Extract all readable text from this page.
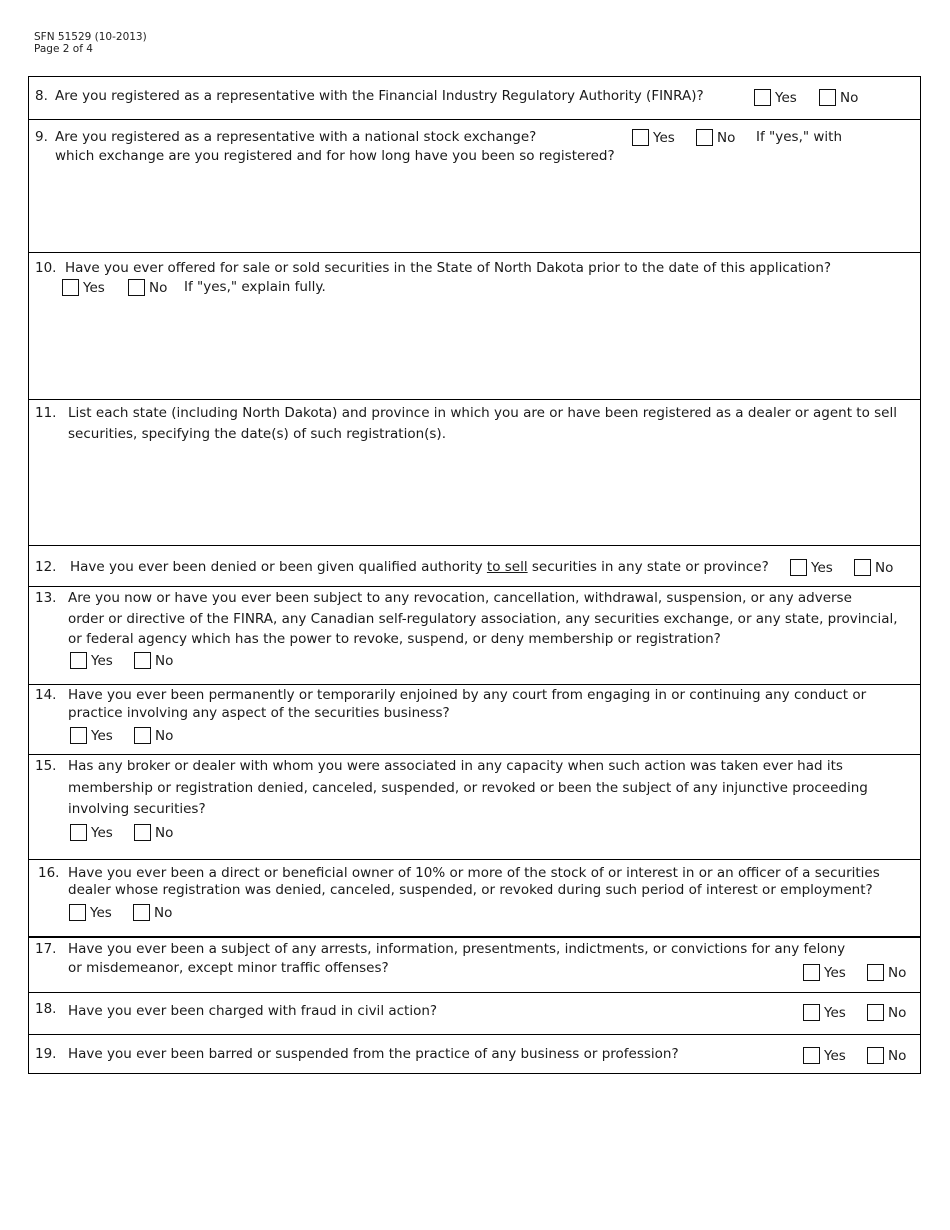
SFN 51529 (10-2013)
Page 2 of 4
8. Are you registered as a representative with the Financial Industry Regulatory Authority (FINRA)?	Yes	No
9. Are you registered as a representative with a national stock exchange?
which exchange are you registered and for how long have you been so registered?
Yes	No If "yes," with
10. Have you ever offered for sale or sold securities in the State of North Dakota prior to the date of this application?
Yes	No If "yes," explain fully.
11. List each state (including North Dakota) and province in which you are or have been registered as a dealer or agent to sell
securities, specifying the date(s) of such registration(s).
12. Have you ever been denied or been given qualified authority to sell securities in any state or province?	Yes	No
13. Are you now or have you ever been subject to any revocation, cancellation, withdrawal, suspension, or any adverse
order or directive of the FINRA, any Canadian self-regulatory association, any securities exchange, or any state, provincial,
or federal agency which has the power to revoke, suspend, or deny membership or registration?
Yes	No
14. Have you ever been permanently or temporarily enjoined by any court from engaging in or continuing any conduct or
practice involving any aspect of the securities business?
Yes	No
15. Has any broker or dealer with whom you were associated in any capacity when such action was taken ever had its
membership or registration denied, canceled, suspended, or revoked or been the subject of any injunctive proceeding
involving securities?
Yes	No
16. Have you ever been a direct or beneficial owner of 10% or more of the stock of or interest in or an officer of a securities
dealer whose registration was denied, canceled, suspended, or revoked during such period of interest or employment?
Yes	No
17. Have you ever been a subject of any arrests, information, presentments, indictments, or convictions for any felony
or misdemeanor, except minor traffic offenses?	Yes	No
18. Have you ever been charged with fraud in civil action?	Yes	No
19. Have you ever been barred or suspended from the practice of any business or profession?	Yes	No
